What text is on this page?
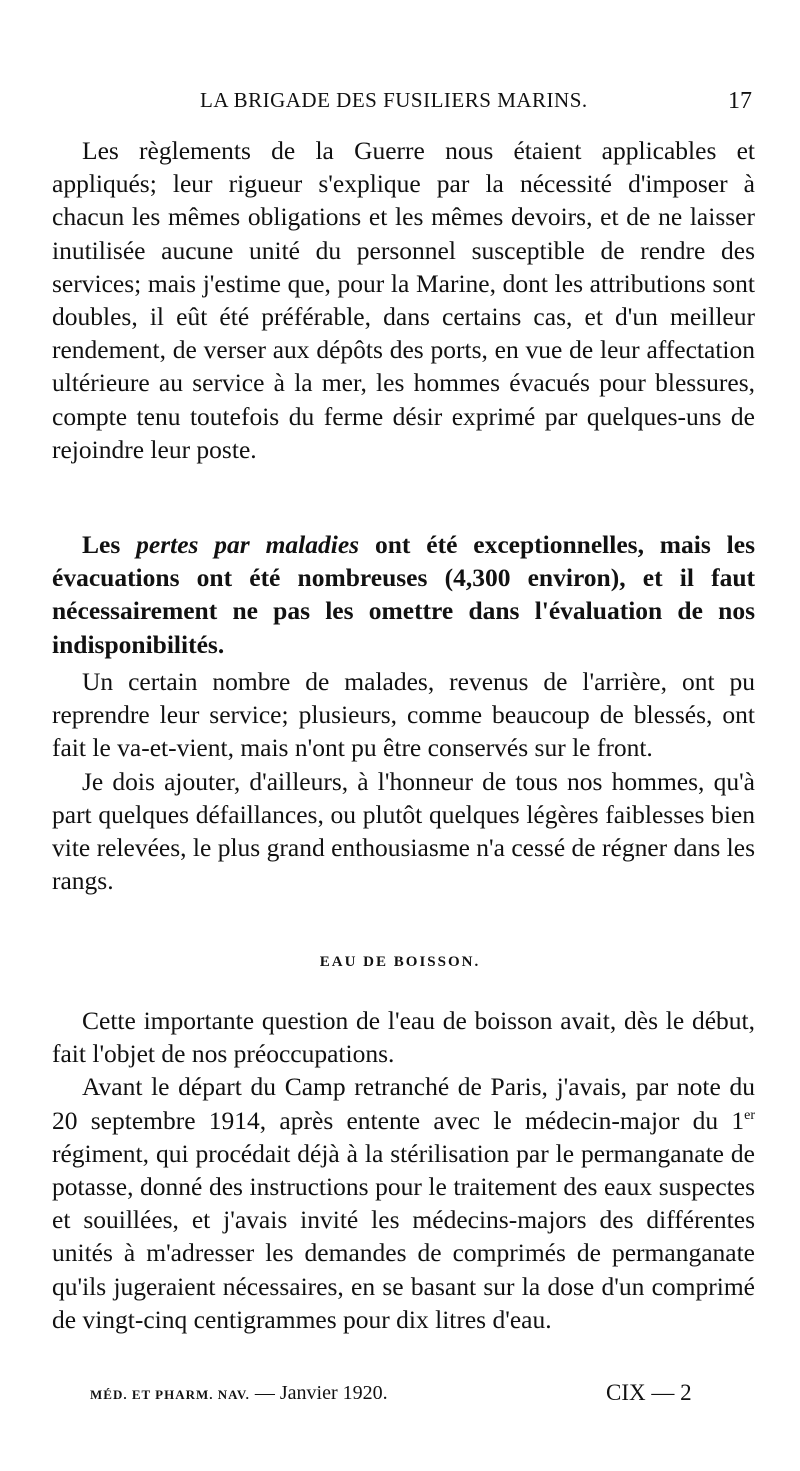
LA BRIGADE DES FUSILIERS MARINS.	17

Les règlements de la Guerre nous étaient applicables et appliqués; leur rigueur s'explique par la nécessité d'imposer à chacun les mêmes obligations et les mêmes devoirs, et de ne laisser inutilisée aucune unité du personnel susceptible de rendre des services; mais j'estime que, pour la Marine, dont les attributions sont doubles, il eût été préférable, dans certains cas, et d'un meilleur rendement, de verser aux dépôts des ports, en vue de leur affectation ultérieure au service à la mer, les hommes évacués pour blessures, compte tenu toutefois du ferme désir exprimé par quelques-uns de rejoindre leur poste.

Les pertes par maladies ont été exceptionnelles, mais les évacuations ont été nombreuses (4,300 environ), et il faut nécessairement ne pas les omettre dans l'évaluation de nos indisponibilités.

Un certain nombre de malades, revenus de l'arrière, ont pu reprendre leur service; plusieurs, comme beaucoup de blessés, ont fait le va-et-vient, mais n'ont pu être conservés sur le front.

Je dois ajouter, d'ailleurs, à l'honneur de tous nos hommes, qu'à part quelques défaillances, ou plutôt quelques légères faiblesses bien vite relevées, le plus grand enthousiasme n'a cessé de régner dans les rangs.

EAU DE BOISSON.

Cette importante question de l'eau de boisson avait, dès le début, fait l'objet de nos préoccupations.

Avant le départ du Camp retranché de Paris, j'avais, par note du 20 septembre 1914, après entente avec le médecin-major du 1er régiment, qui procédait déjà à la stérilisation par le permanganate de potasse, donné des instructions pour le traitement des eaux suspectes et souillées, et j'avais invité les médecins-majors des différentes unités à m'adresser les demandes de comprimés de permanganate qu'ils jugeraient nécessaires, en se basant sur la dose d'un comprimé de vingt-cinq centigrammes pour dix litres d'eau.

MÉD. ET PHARM. NAV. — Janvier 1920.	CIX — 2
